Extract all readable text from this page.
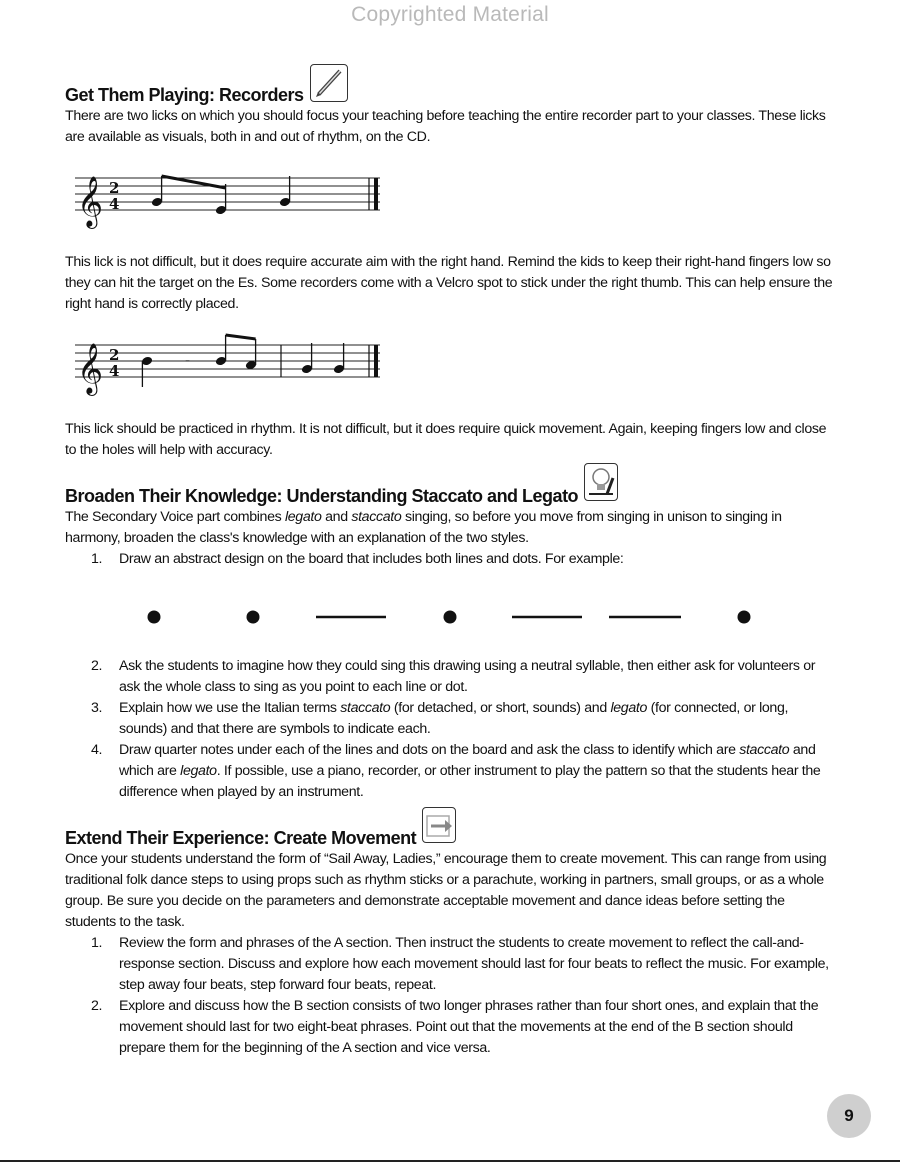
Copyrighted Material
Get Them Playing: Recorders

There are two licks on which you should focus your teaching before teaching the entire recorder part to your classes. These licks are available as visuals, both in and out of rhythm, on the CD.

𝄞 2
4

This lick is not difficult, but it does require accurate aim with the right hand. Remind the kids to keep their right-hand fingers low so they can hit the target on the Es. Some recorders come with a Velcro spot to stick under the right thumb. This can help ensure the right hand is correctly placed.

𝄞 2
4
-

This lick should be practiced in rhythm. It is not difficult, but it does require quick movement. Again, keeping fingers low and close to the holes will help with accuracy.

Broaden Their Knowledge: Understanding Staccato and Legato

The Secondary Voice part combines legato and staccato singing, so before you move from singing in unison to singing in harmony, broaden the class's knowledge with an explanation of the two styles.

1. Draw an abstract design on the board that includes both lines and dots. For example:
2. Ask the students to imagine how they could sing this drawing using a neutral syllable, then either ask for volunteers or ask the whole class to sing as you point to each line or dot.
3. Explain how we use the Italian terms staccato (for detached, or short, sounds) and legato (for connected, or long, sounds) and that there are symbols to indicate each.
4. Draw quarter notes under each of the lines and dots on the board and ask the class to identify which are staccato and which are legato. If possible, use a piano, recorder, or other instrument to play the pattern so that the students hear the difference when played by an instrument.
Extend Their Experience: Create Movement

Once your students understand the form of “Sail Away, Ladies,” encourage them to create movement. This can range from using traditional folk dance steps to using props such as rhythm sticks or a parachute, working in partners, small groups, or as a whole group. Be sure you decide on the parameters and demonstrate acceptable movement and dance ideas before setting the students to the task.

1. Review the form and phrases of the A section. Then instruct the students to create movement to reflect the call-and-response section. Discuss and explore how each movement should last for four beats to reflect the music. For example, step away four beats, step forward four beats, repeat.
2. Explore and discuss how the B section consists of two longer phrases rather than four short ones, and explain that the movement should last for two eight-beat phrases. Point out that the movements at the end of the B section should prepare them for the beginning of the A section and vice versa.
9
